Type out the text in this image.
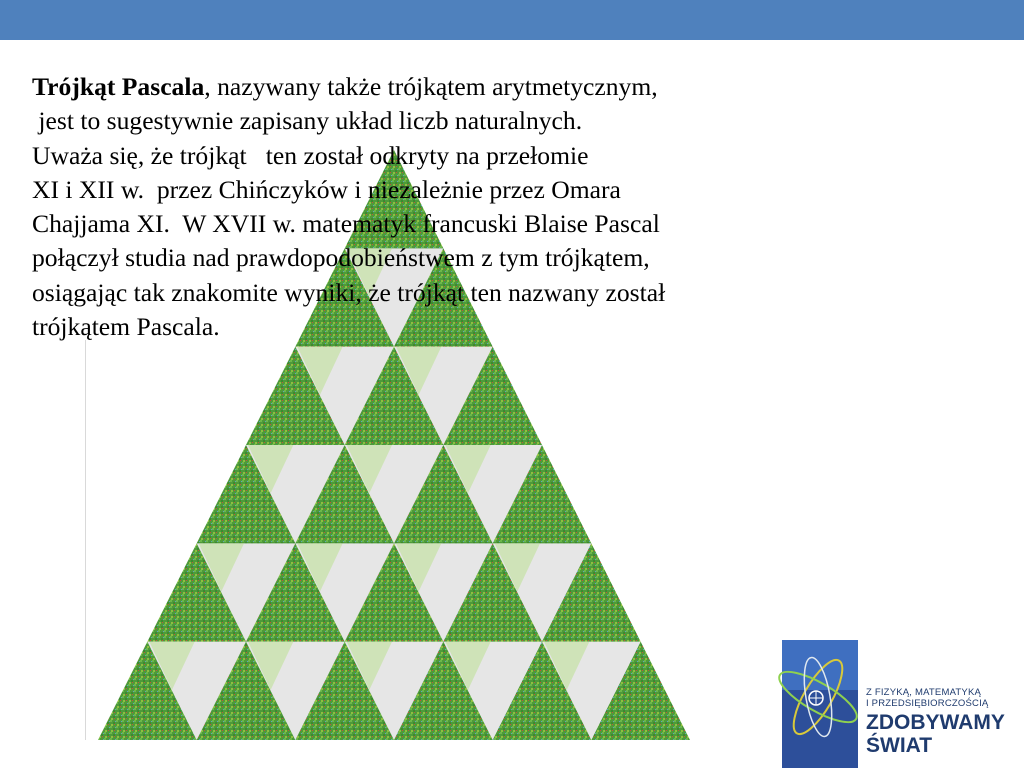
Trójkąt Pascala, nazywany także trójkątem arytmetycznym,
jest to sugestywnie zapisany układ liczb naturalnych.
Uważa się, że trójkąt   ten został odkryty na przełomie
XI i XII w.  przez Chińczyków i niezależnie przez Omara
Chajjama XI.  W XVII w. matematyk francuski Blaise Pascal
połączył studia nad prawdopodobieństwem z tym trójkątem,
osiągając tak znakomite wyniki, że trójkąt ten nazwany został
trójkątem Pascala.
Z FIZYKĄ, MATEMATYKĄ
I PRZEDSIĘBIORCZOŚCIĄ
ZDOBYWAMY
ŚWIAT
